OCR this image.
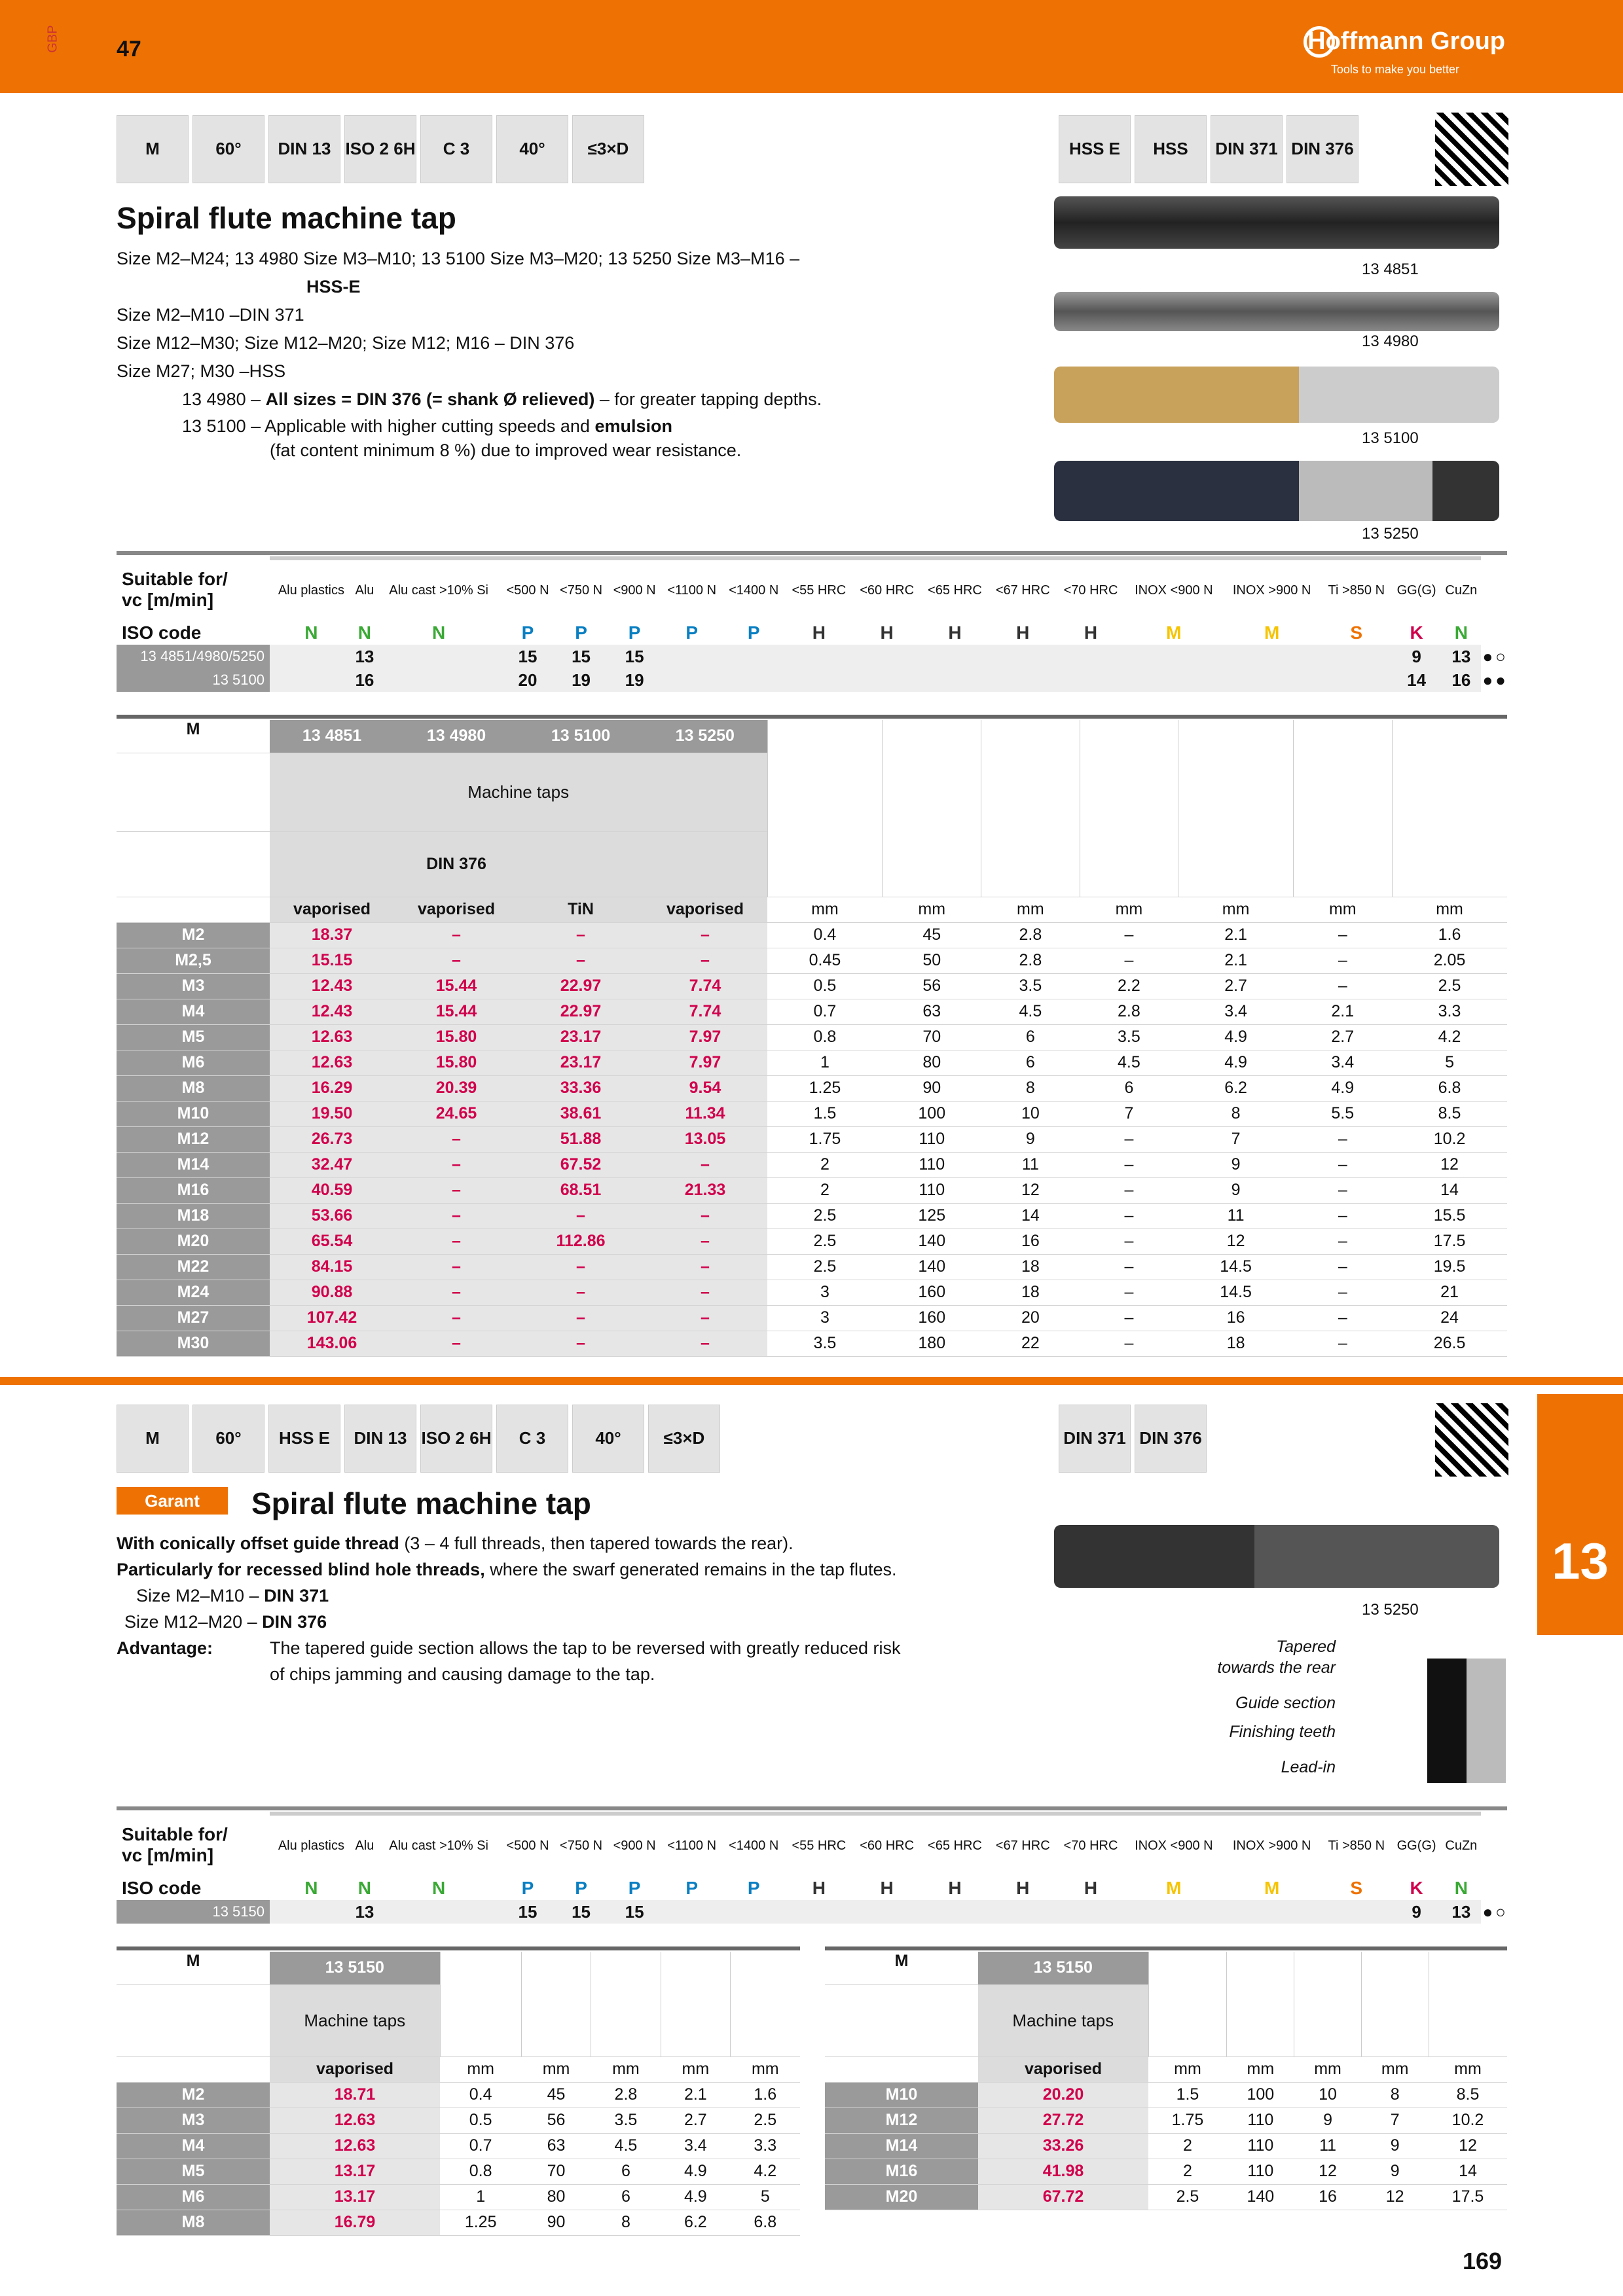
GBP	47	Hoffmann Group
Tools to make you better
M	60°	DIN 13 ISO 2 6H	C 3	40°	≤3×D	HSS E	HSS	DIN 371 DIN 376
Spiral flute machine tap
Size M2–M24; 13 4980 Size M3–M10; 13 5100 Size M3–M20; 13 5250 Size M3–M16 –
HSS-E
Size M2–M10 –DIN 371
Size M12–M30; Size M12–M20; Size M12; M16 – DIN 376
Size M27; M30 –HSS
13 4980 – All sizes = DIN 376 (= shank Ø relieved) – for greater tapping depths.
13 5100 – Applicable with higher cutting speeds and emulsion
(fat content minimum 8 %) due to improved wear resistance.
13 4851
13 4980
13 5100
13 5250
Suitable for/
vc [m/min]	Alu plastics	Alu	Alu cast >10% Si	<500 N	<750 N	<900 N	<1100 N	<1400 N	<55 HRC	<60 HRC	<65 HRC	<67 HRC	<70 HRC	INOX <900 N	INOX >900 N	Ti >850 N	GG(G)	CuZn					
ISO code	N	N	N	P	P	P	P	P	H	H	H	H	H	M	M	S	K	N					
13 4851/4980/5250		13		15	15	15											9	13	●	○			
13 5100		16		20	19	19											14	16	●	●			
M	13 4851	13 4980	13 5100	13 5250							
	Machine taps										
		DIN 376									
	vaporised	vaporised	TiN	vaporised	mm	mm	mm	mm	mm	mm	mm
M2	18.37	–	–	–	0.4	45	2.8	–	2.1	–	1.6
M2,5	15.15	–	–	–	0.45	50	2.8	–	2.1	–	2.05
M3	12.43	15.44	22.97	7.74	0.5	56	3.5	2.2	2.7	–	2.5
M4	12.43	15.44	22.97	7.74	0.7	63	4.5	2.8	3.4	2.1	3.3
M5	12.63	15.80	23.17	7.97	0.8	70	6	3.5	4.9	2.7	4.2
M6	12.63	15.80	23.17	7.97	1	80	6	4.5	4.9	3.4	5
M8	16.29	20.39	33.36	9.54	1.25	90	8	6	6.2	4.9	6.8
M10	19.50	24.65	38.61	11.34	1.5	100	10	7	8	5.5	8.5
M12	26.73	–	51.88	13.05	1.75	110	9	–	7	–	10.2
M14	32.47	–	67.52	–	2	110	11	–	9	–	12
M16	40.59	–	68.51	21.33	2	110	12	–	9	–	14
M18	53.66	–	–	–	2.5	125	14	–	11	–	15.5
M20	65.54	–	112.86	–	2.5	140	16	–	12	–	17.5
M22	84.15	–	–	–	2.5	140	18	–	14.5	–	19.5
M24	90.88	–	–	–	3	160	18	–	14.5	–	21
M27	107.42	–	–	–	3	160	20	–	16	–	24
M30	143.06	–	–	–	3.5	180	22	–	18	–	26.5
13
M	60°	HSS E	DIN 13 ISO 2 6H	C 3	40°	≤3×D	DIN 371 DIN 376
Garant	Spiral flute machine tap
With conically offset guide thread (3 – 4 full threads, then tapered towards the rear).
Particularly for recessed blind hole threads, where the swarf generated remains in the tap flutes.
Size M2–M10 – DIN 371
Size M12–M20 – DIN 376
Advantage:	The tapered guide section allows the tap to be reversed with greatly reduced risk
of chips jamming and causing damage to the tap.
13 5250
Tapered
towards the rear
Guide section
Finishing teeth
Lead-in
Suitable for/
vc [m/min]	Alu plastics	Alu	Alu cast >10% Si	<500 N	<750 N	<900 N	<1100 N	<1400 N	<55 HRC	<60 HRC	<65 HRC	<67 HRC	<70 HRC	INOX <900 N	INOX >900 N	Ti >850 N	GG(G)	CuZn					
ISO code	N	N	N	P	P	P	P	P	H	H	H	H	H	M	M	S	K	N					
13 5150		13		15	15	15											9	13	●	○			
M	13 5150					
	Machine taps					
	vaporised	mm	mm	mm	mm	mm
M2	18.71	0.4	45	2.8	2.1	1.6
M3	12.63	0.5	56	3.5	2.7	2.5
M4	12.63	0.7	63	4.5	3.4	3.3
M5	13.17	0.8	70	6	4.9	4.2
M6	13.17	1	80	6	4.9	5
M8	16.79	1.25	90	8	6.2	6.8
M	13 5150					
	Machine taps					
	vaporised	mm	mm	mm	mm	mm
M10	20.20	1.5	100	10	8	8.5
M12	27.72	1.75	110	9	7	10.2
M14	33.26	2	110	11	9	12
M16	41.98	2	110	12	9	14
M20	67.72	2.5	140	16	12	17.5
169
